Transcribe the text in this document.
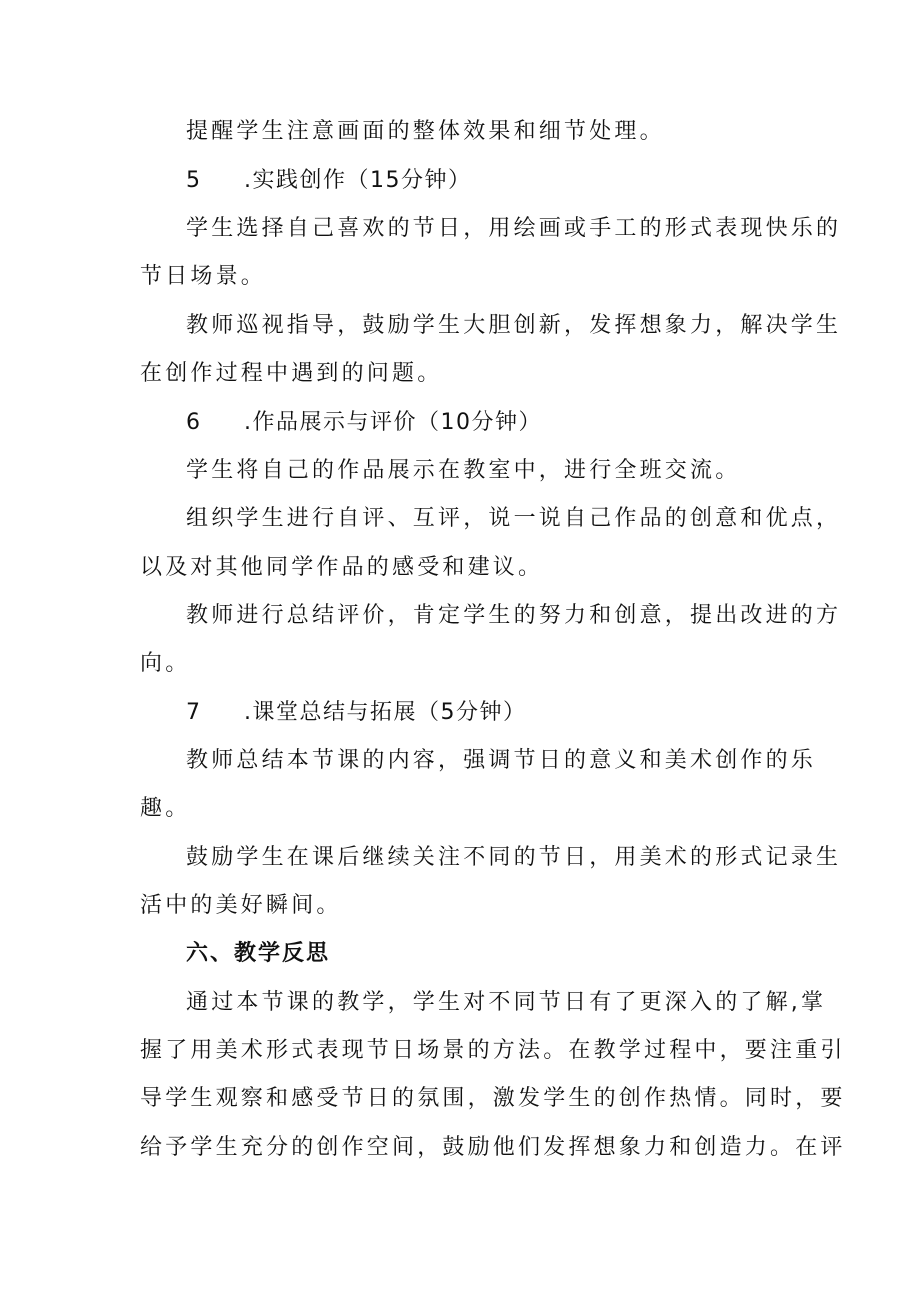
提醒学生注意画面的整体效果和细节处理。
5 .实践创作（15分钟）
学生选择自己喜欢的节日，用绘画或手工的形式表现快乐的
节日场景。
教师巡视指导，鼓励学生大胆创新，发挥想象力，解决学生
在创作过程中遇到的问题。
6 .作品展示与评价（10分钟）
学生将自己的作品展示在教室中，进行全班交流。
组织学生进行自评、互评，说一说自己作品的创意和优点，
以及对其他同学作品的感受和建议。
教师进行总结评价，肯定学生的努力和创意，提出改进的方
向。
7 .课堂总结与拓展（5分钟）
教师总结本节课的内容，强调节日的意义和美术创作的乐
趣。
鼓励学生在课后继续关注不同的节日，用美术的形式记录生
活中的美好瞬间。
六、教学反思
通过本节课的教学，学生对不同节日有了更深入的了解,掌
握了用美术形式表现节日场景的方法。在教学过程中，要注重引
导学生观察和感受节日的氛围，激发学生的创作热情。同时，要
给予学生充分的创作空间，鼓励他们发挥想象力和创造力。在评
